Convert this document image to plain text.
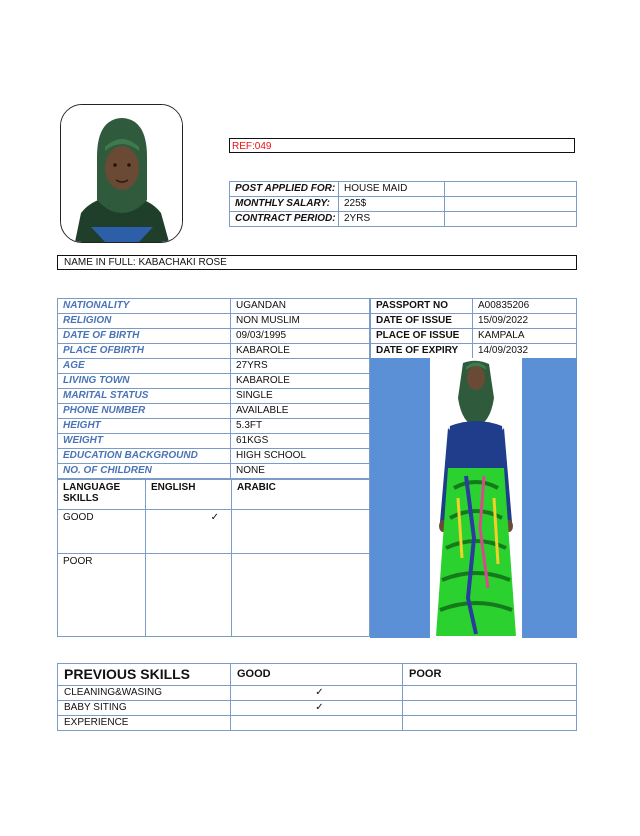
REF:049
POST APPLIED FOR:	HOUSE MAID	
MONTHLY SALARY:	225$	
CONTRACT PERIOD:	2YRS	
NAME IN FULL: KABACHAKI ROSE
NATIONALITY	UGANDAN
RELIGION	NON MUSLIM
DATE OF BIRTH	09/03/1995
PLACE OFBIRTH	KABAROLE
AGE	27YRS
LIVING TOWN	KABAROLE
MARITAL STATUS	SINGLE
PHONE NUMBER	AVAILABLE
HEIGHT	5.3FT
WEIGHT	61KGS
EDUCATION BACKGROUND	HIGH SCHOOL
NO. OF CHILDREN	NONE
PASSPORT NO	A00835206
DATE OF ISSUE	15/09/2022
PLACE OF ISSUE	KAMPALA
DATE OF EXPIRY	14/09/2032
LANGUAGE SKILLS	ENGLISH	ARABIC
GOOD	✓	
POOR		
PREVIOUS SKILLS	GOOD	POOR
CLEANING&WASING	✓	
BABY SITING	✓	
EXPERIENCE		
